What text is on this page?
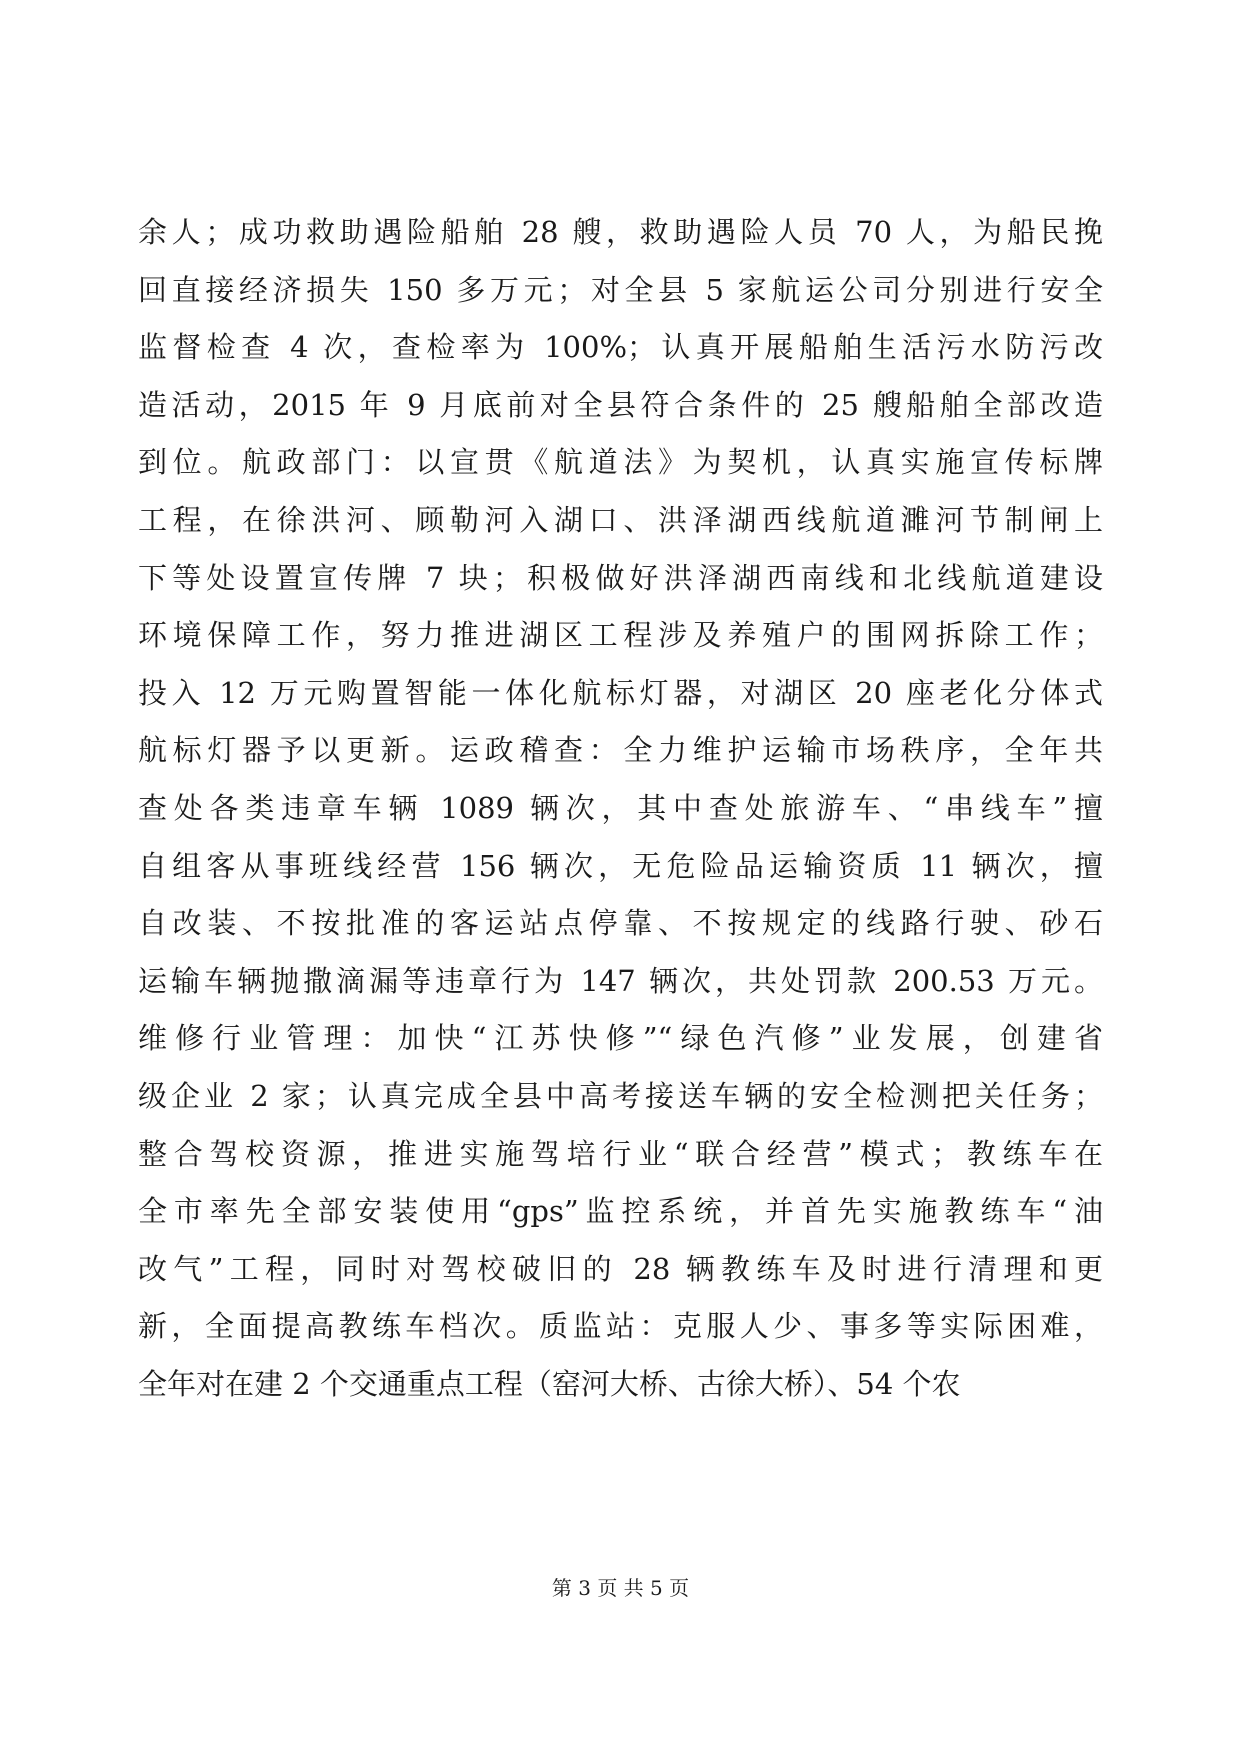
余人；成功救助遇险船舶 28 艘，救助遇险人员 70 人，为船民挽
回直接经济损失 150 多万元；对全县 5 家航运公司分别进行安全
监督检查 4 次，查检率为 100%；认真开展船舶生活污水防污改
造活动，2015 年 9 月底前对全县符合条件的 25 艘船舶全部改造
到位。航政部门：以宣贯《航道法》为契机，认真实施宣传标牌
工程，在徐洪河、顾勒河入湖口、洪泽湖西线航道濉河节制闸上
下等处设置宣传牌 7 块；积极做好洪泽湖西南线和北线航道建设
环境保障工作，努力推进湖区工程涉及养殖户的围网拆除工作；
投入 12 万元购置智能一体化航标灯器，对湖区 20 座老化分体式
航标灯器予以更新。运政稽查：全力维护运输市场秩序，全年共
查处各类违章车辆 1089 辆次，其中查处旅游车、“串线车”擅
自组客从事班线经营 156 辆次，无危险品运输资质 11 辆次，擅
自改装、不按批准的客运站点停靠、不按规定的线路行驶、砂石
运输车辆抛撒滴漏等违章行为 147 辆次，共处罚款 200.53 万元。
维修行业管理：加快“江苏快修”“绿色汽修”业发展，创建省
级企业 2 家；认真完成全县中高考接送车辆的安全检测把关任务；
整合驾校资源，推进实施驾培行业“联合经营”模式；教练车在
全市率先全部安装使用“gps”监控系统，并首先实施教练车“油
改气”工程，同时对驾校破旧的 28 辆教练车及时进行清理和更
新，全面提高教练车档次。质监站：克服人少、事多等实际困难，
全年对在建 2 个交通重点工程（窑河大桥、古徐大桥）、54 个农
第 3 页 共 5 页
